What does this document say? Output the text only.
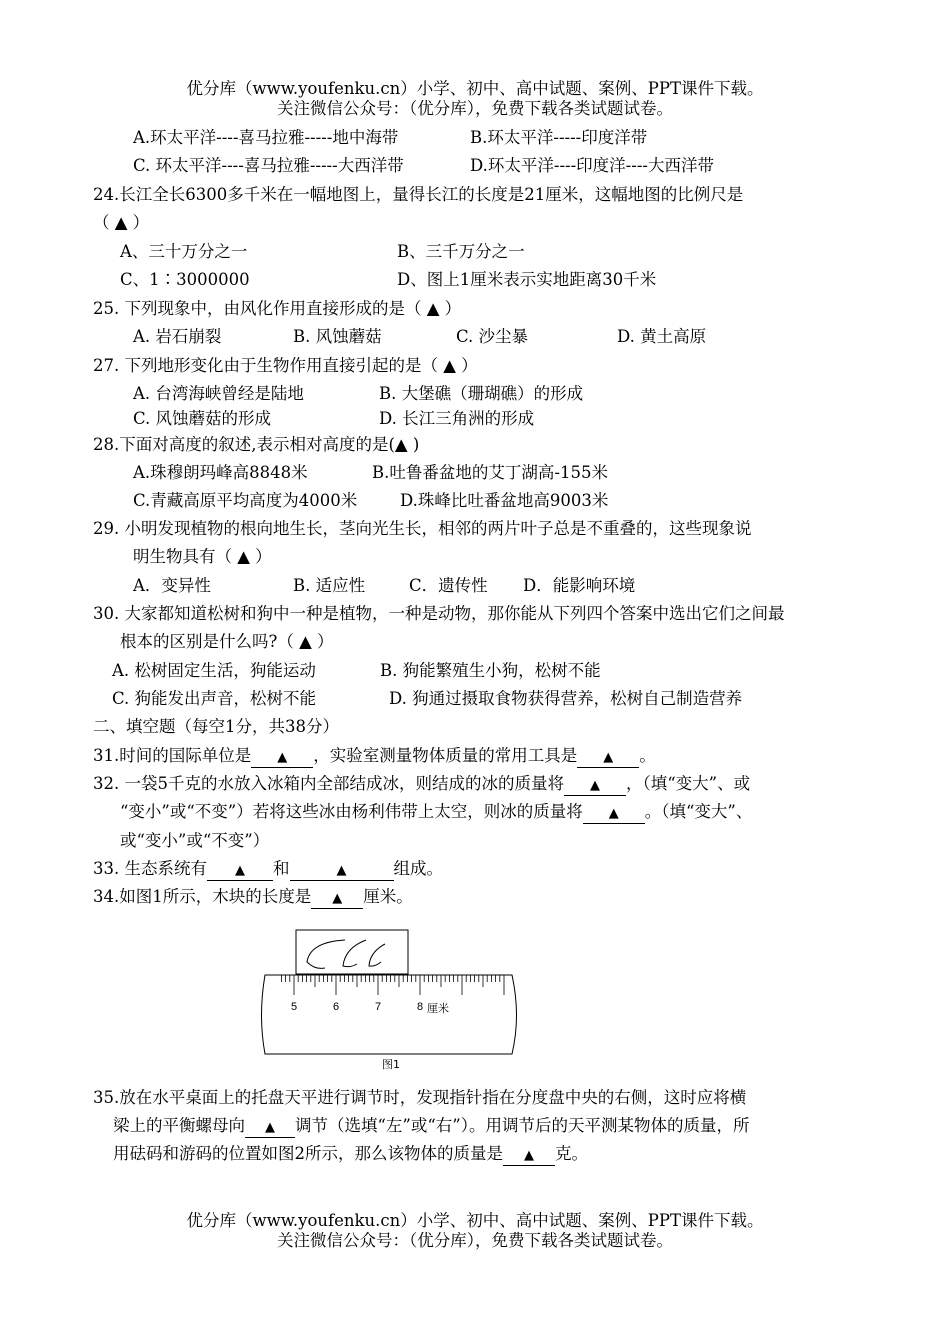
优分库（www.youfenku.cn）小学、初中、高中试题、案例、PPT课件下载。
关注微信公众号：（优分库），免费下载各类试题试卷。
A.环太平洋----喜马拉雅-----地中海带	B.环太平洋-----印度洋带
C. 环太平洋----喜马拉雅-----大西洋带	D.环太平洋----印度洋----大西洋带
24.长江全长6300多千米在一幅地图上，量得长江的长度是21厘米，这幅地图的比例尺是
（ ▲ ）
A、三十万分之一	B、三千万分之一
C、1∶3000000	D、图上1厘米表示实地距离30千米
25. 下列现象中，由风化作用直接形成的是（ ▲ ）
A. 岩石崩裂	B. 风蚀蘑菇	C. 沙尘暴	D. 黄土高原
27. 下列地形变化由于生物作用直接引起的是（ ▲ ）
A. 台湾海峡曾经是陆地	B. 大堡礁（珊瑚礁）的形成
C. 风蚀蘑菇的形成	D. 长江三角洲的形成
28.下面对高度的叙述,表示相对高度的是(▲ )
A.珠穆朗玛峰高8848米	B.吐鲁番盆地的艾丁湖高-155米
C.青藏高原平均高度为4000米	D.珠峰比吐番盆地高9003米
29. 小明发现植物的根向地生长，茎向光生长，相邻的两片叶子总是不重叠的，这些现象说
明生物具有（ ▲ ）
A．变异性	B. 适应性	C．遗传性 D．能影响环境
30. 大家都知道松树和狗中一种是植物，一种是动物，那你能从下列四个答案中选出它们之间最
根本的区别是什么吗?（ ▲ ）
A. 松树固定生活，狗能运动	B. 狗能繁殖生小狗，松树不能
C. 狗能发出声音，松树不能	D. 狗通过摄取食物获得营养，松树自己制造营养
二、填空题（每空1分，共38分）
31.时间的国际单位是 ▲ ，实验室测量物体质量的常用工具是 ▲ 。
32. 一袋5千克的水放入冰箱内全部结成冰，则结成的冰的质量将 ▲ ，（填“变大”、或
“变小”或“不变”）若将这些冰由杨利伟带上太空，则冰的质量将 ▲ 。（填“变大”、
或“变小”或“不变”）
33. 生态系统有 ▲ 和	▲	组成。
34.如图1所示，木块的长度是 ▲ 厘米。
5	6	7	8 厘米
图1
35.放在水平桌面上的托盘天平进行调节时，发现指针指在分度盘中央的右侧，这时应将横
梁上的平衡螺母向 ▲ 调节（选填“左”或“右”）。用调节后的天平测某物体的质量，所
用砝码和游码的位置如图2所示，那么该物体的质量是 ▲ 克。
优分库（www.youfenku.cn）小学、初中、高中试题、案例、PPT课件下载。
关注微信公众号：（优分库），免费下载各类试题试卷。
